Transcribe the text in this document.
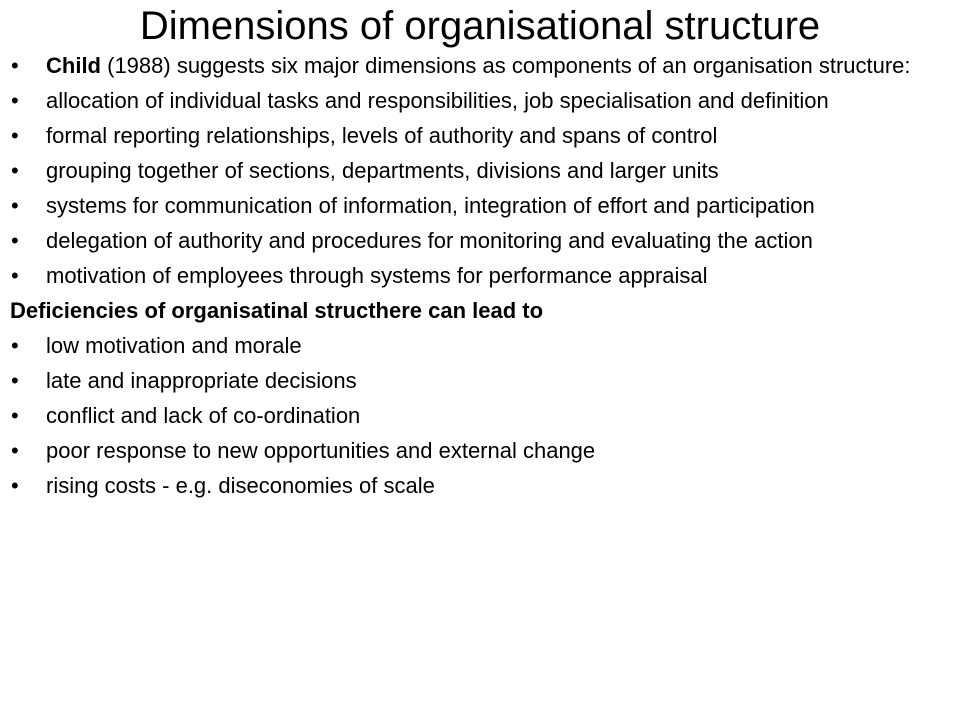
Dimensions of organisational structure
• Child (1988) suggests six major dimensions as components of an organisation structure:
• allocation of individual tasks and responsibilities, job specialisation and definition
• formal reporting relationships, levels of authority and spans of control
• grouping together of sections, departments, divisions and larger units
• systems for communication of information, integration of effort and participation
• delegation of authority and procedures for monitoring and evaluating the action
• motivation of employees through systems for performance appraisal
Deficiencies of organisatinal structhere can lead to
• low motivation and morale
• late and inappropriate decisions
• conflict and lack of co-ordination
• poor response to new opportunities and external change
• rising costs - e.g. diseconomies of scale
